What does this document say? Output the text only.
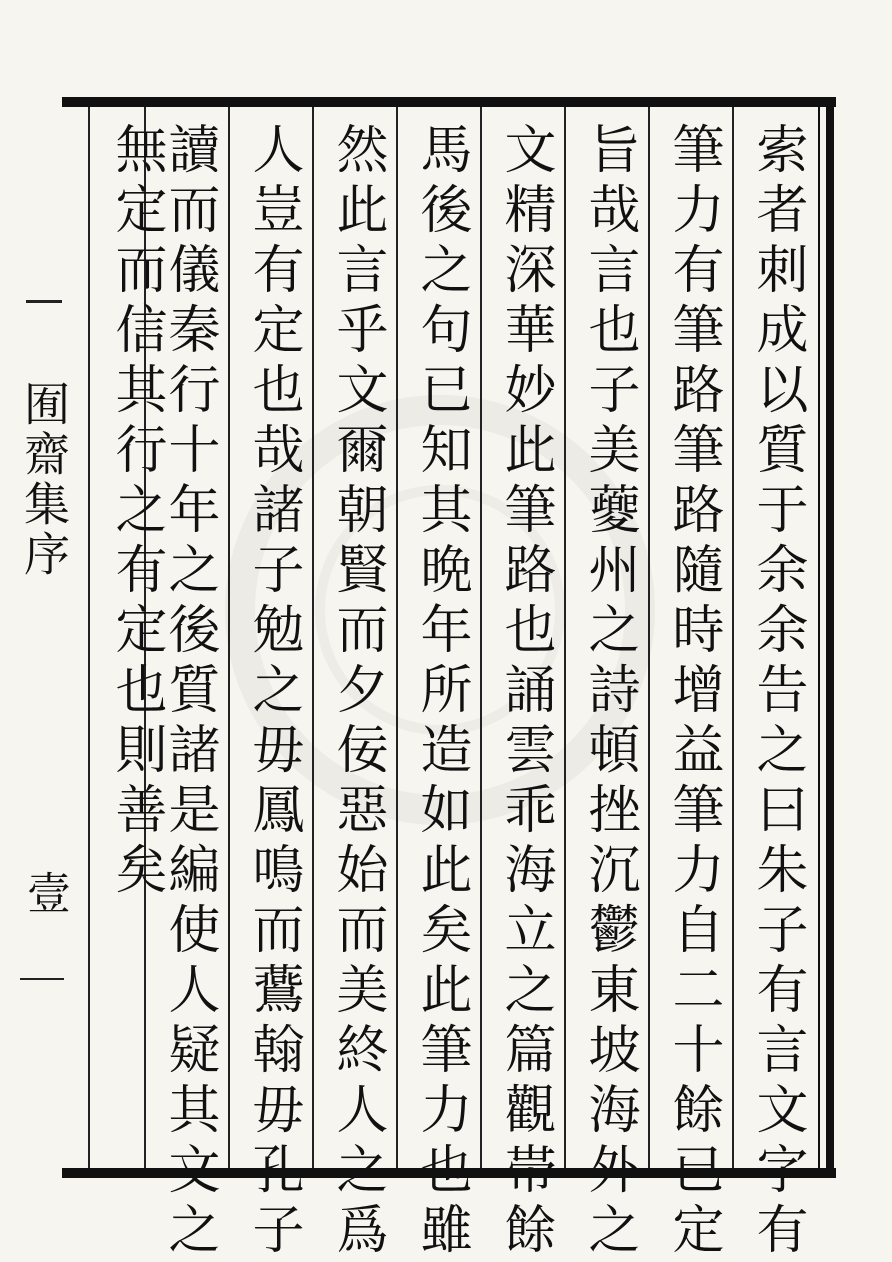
索者刺成以質于余余告之曰朱子有言文字有
筆力有筆路筆路隨時增益筆力自二十餘已定
旨哉言也子美䕫州之詩頓挫沉鬱東坡海外之
文精深華妙此筆路也誦雲乖海立之篇觀帯餘
馬後之句已知其晩年所造如此矣此筆力也雖
然此言乎文爾朝賢而夕佞惡始而美終人之爲
人豈有定也哉諸子勉之毋鳳鳴而鷰翰毋孔子
讀而儀秦行十年之後質諸是編使人疑其文之
無定而信其行之有定也則善矣
囿齋集序
壹
